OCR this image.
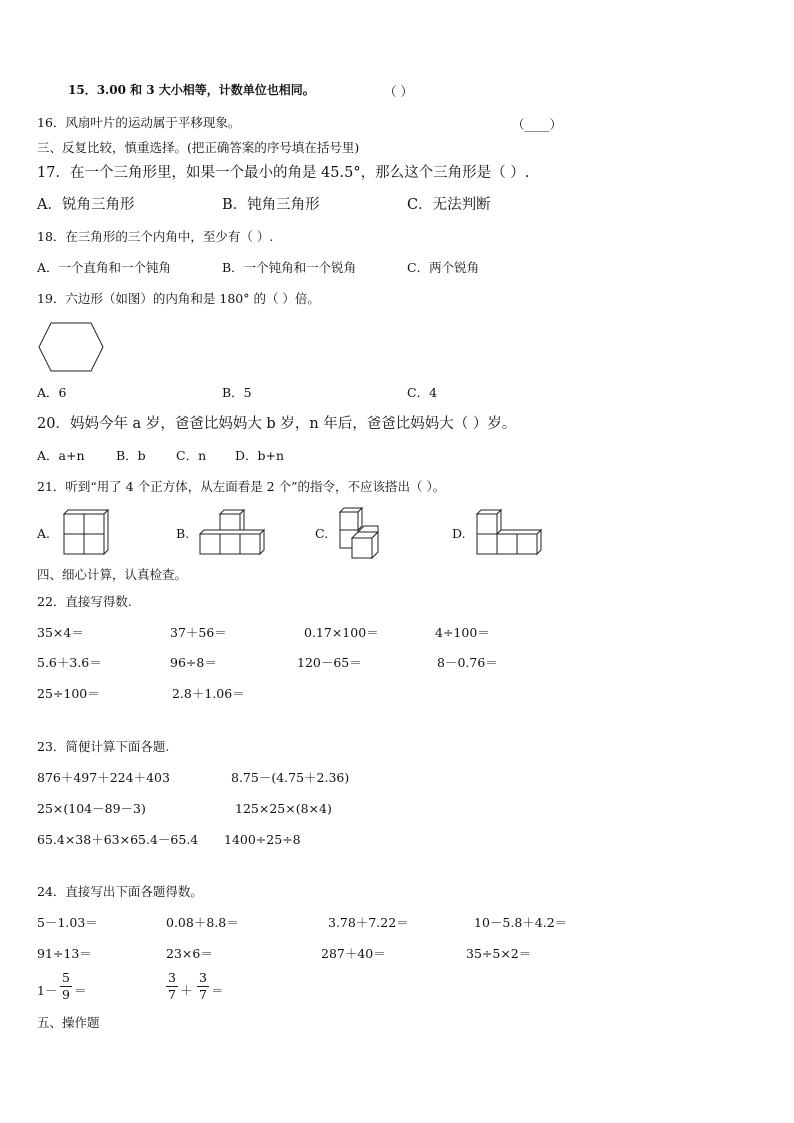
15．3.00 和 3 大小相等，计数单位也相同。	（ ）
16．风扇叶片的运动属于平移现象。	（____）
三、反复比较，慎重选择。(把正确答案的序号填在括号里)
17．在一个三角形里，如果一个最小的角是 45.5°，那么这个三角形是（ ）.
A．锐角三角形	B．钝角三角形	C．无法判断
18．在三角形的三个内角中，至少有（ ）.
A．一个直角和一个钝角	B．一个钝角和一个锐角	C．两个锐角
19．六边形（如图）的内角和是 180° 的（ ）倍。
A．6	B．5	C．4
20．妈妈今年 a 岁，爸爸比妈妈大 b 岁，n 年后，爸爸比妈妈大（ ）岁。
A．a+n	B．b C．n D．b+n
21．听到“用了 4 个正方体，从左面看是 2 个”的指令，不应该搭出（ ）。
A.	B.	C.	D.
四、细心计算，认真检查。
22．直接写得数.
35×4＝	37＋56＝	0.17×100＝	4÷100＝
5.6＋3.6＝	96÷8＝	120－65＝	8－0.76＝
25÷100＝	2.8＋1.06＝
23．简便计算下面各题.
876＋497＋224＋403	8.75－(4.75＋2.36)
25×(104－89－3)	125×25×(8×4)
65.4×38＋63×65.4－65.4 1400÷25÷8
24．直接写出下面各题得数。
5－1.03＝	0.08＋8.8＝	3.78＋7.22＝	10－5.8＋4.2＝
91÷13＝	23×6＝	287＋40＝	35÷5×2＝
1－
5
9 ＝
3
7 ＋
3
7 ＝
五、操作题
